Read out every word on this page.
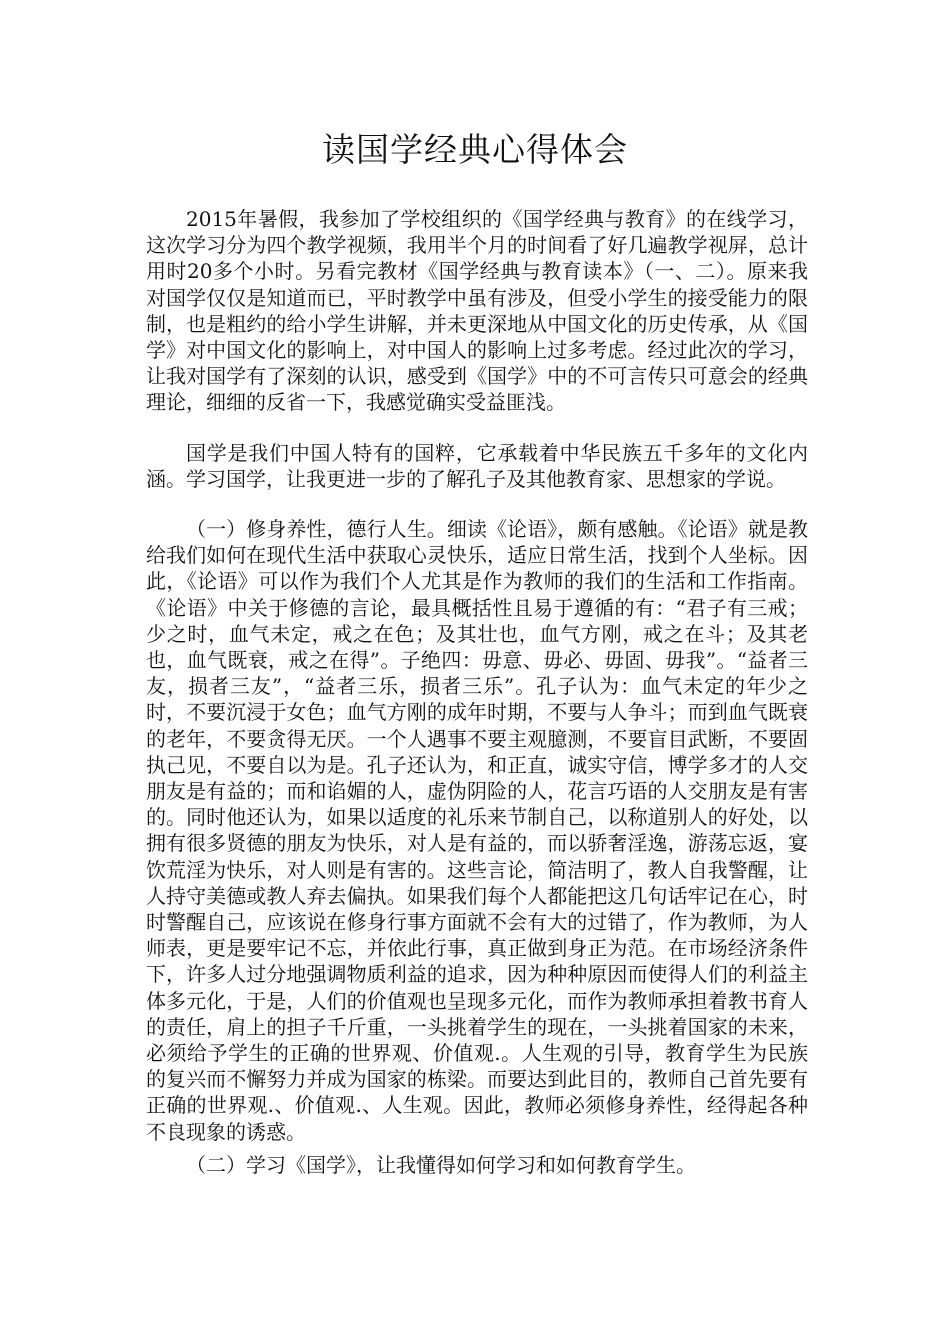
读国学经典心得体会

2015年暑假，我参加了学校组织的《国学经典与教育》的在线学习，这次学习分为四个教学视频，我用半个月的时间看了好几遍教学视屏，总计用时20多个小时。另看完教材《国学经典与教育读本》（一、二）。原来我对国学仅仅是知道而已，平时教学中虽有涉及，但受小学生的接受能力的限制，也是粗约的给小学生讲解，并未更深地从中国文化的历史传承，从《国学》对中国文化的影响上，对中国人的影响上过多考虑。经过此次的学习，让我对国学有了深刻的认识，感受到《国学》中的不可言传只可意会的经典理论，细细的反省一下，我感觉确实受益匪浅。

国学是我们中国人特有的国粹，它承载着中华民族五千多年的文化内涵。学习国学，让我更进一步的了解孔子及其他教育家、思想家的学说。

（一）修身养性，德行人生。细读《论语》，颇有感触。《论语》就是教给我们如何在现代生活中获取心灵快乐，适应日常生活，找到个人坐标。因此，《论语》可以作为我们个人尤其是作为教师的我们的生活和工作指南。《论语》中关于修德的言论，最具概括性且易于遵循的有：“君子有三戒；少之时，血气未定，戒之在色；及其壮也，血气方刚，戒之在斗；及其老也，血气既衰，戒之在得”。子绝四：毋意、毋必、毋固、毋我”。“益者三友，损者三友”，“益者三乐，损者三乐”。孔子认为：血气未定的年少之时，不要沉浸于女色；血气方刚的成年时期，不要与人争斗；而到血气既衰的老年，不要贪得无厌。一个人遇事不要主观臆测，不要盲目武断，不要固执己见，不要自以为是。孔子还认为，和正直，诚实守信，博学多才的人交朋友是有益的；而和谄媚的人，虚伪阴险的人，花言巧语的人交朋友是有害的。同时他还认为，如果以适度的礼乐来节制自己，以称道别人的好处，以拥有很多贤德的朋友为快乐，对人是有益的，而以骄奢淫逸，游荡忘返，宴饮荒淫为快乐，对人则是有害的。这些言论，简洁明了，教人自我警醒，让人持守美德或教人弃去偏执。如果我们每个人都能把这几句话牢记在心，时时警醒自己，应该说在修身行事方面就不会有大的过错了，作为教师，为人师表，更是要牢记不忘，并依此行事，真正做到身正为范。在市场经济条件下，许多人过分地强调物质利益的追求，因为种种原因而使得人们的利益主体多元化，于是，人们的价值观也呈现多元化，而作为教师承担着教书育人的责任，肩上的担子千斤重，一头挑着学生的现在，一头挑着国家的未来，必须给予学生的正确的世界观、价值观.。人生观的引导，教育学生为民族的复兴而不懈努力并成为国家的栋梁。而要达到此目的，教师自己首先要有正确的世界观.、价值观.、人生观。因此，教师必须修身养性，经得起各种不良现象的诱惑。

（二）学习《国学》，让我懂得如何学习和如何教育学生。
